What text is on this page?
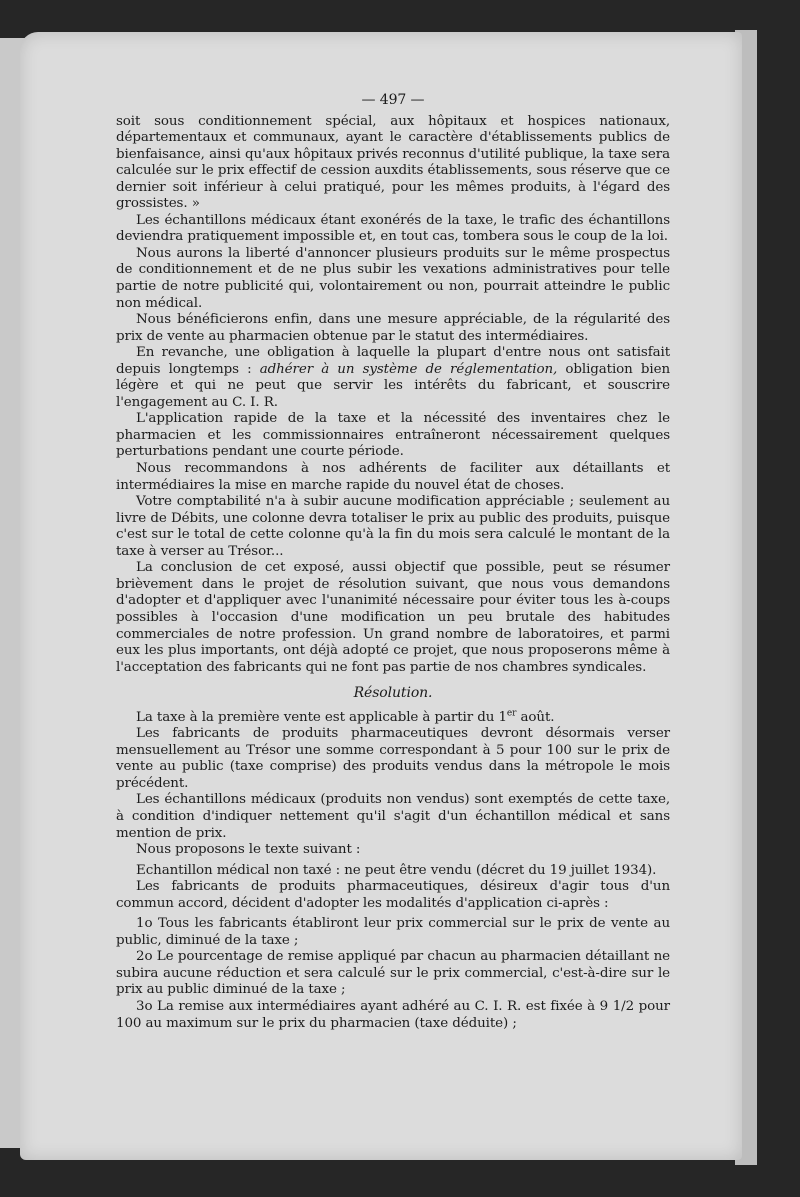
— 497 —

soit sous conditionnement spécial, aux hôpitaux et hospices nationaux, départementaux et communaux, ayant le caractère d'établissements publics de bienfaisance, ainsi qu'aux hôpitaux privés reconnus d'utilité publique, la taxe sera calculée sur le prix effectif de cession auxdits établissements, sous réserve que ce dernier soit inférieur à celui pratiqué, pour les mêmes produits, à l'égard des grossistes. »

Les échantillons médicaux étant exonérés de la taxe, le trafic des échantillons deviendra pratiquement impossible et, en tout cas, tombera sous le coup de la loi.

Nous aurons la liberté d'annoncer plusieurs produits sur le même prospectus de conditionnement et de ne plus subir les vexations administratives pour telle partie de notre publicité qui, volontairement ou non, pourrait atteindre le public non médical.

Nous bénéficierons enfin, dans une mesure appréciable, de la régularité des prix de vente au pharmacien obtenue par le statut des intermédiaires.

En revanche, une obligation à laquelle la plupart d'entre nous ont satisfait depuis longtemps : adhérer à un système de réglementation, obligation bien légère et qui ne peut que servir les intérêts du fabricant, et souscrire l'engagement au C. I. R.

L'application rapide de la taxe et la nécessité des inventaires chez le pharmacien et les commissionnaires entraîneront nécessairement quelques perturbations pendant une courte période.

Nous recommandons à nos adhérents de faciliter aux détaillants et intermédiaires la mise en marche rapide du nouvel état de choses.

Votre comptabilité n'a à subir aucune modification appréciable ; seulement au livre de Débits, une colonne devra totaliser le prix au public des produits, puisque c'est sur le total de cette colonne qu'à la fin du mois sera calculé le montant de la taxe à verser au Trésor...

La conclusion de cet exposé, aussi objectif que possible, peut se résumer brièvement dans le projet de résolution suivant, que nous vous demandons d'adopter et d'appliquer avec l'unanimité nécessaire pour éviter tous les à-coups possibles à l'occasion d'une modification un peu brutale des habitudes commerciales de notre profession. Un grand nombre de laboratoires, et parmi eux les plus importants, ont déjà adopté ce projet, que nous proposerons même à l'acceptation des fabricants qui ne font pas partie de nos chambres syndicales.

Résolution.

La taxe à la première vente est applicable à partir du 1er août.

Les fabricants de produits pharmaceutiques devront désormais verser mensuellement au Trésor une somme correspondant à 5 pour 100 sur le prix de vente au public (taxe comprise) des produits vendus dans la métropole le mois précédent.

Les échantillons médicaux (produits non vendus) sont exemptés de cette taxe, à condition d'indiquer nettement qu'il s'agit d'un échantillon médical et sans mention de prix.

Nous proposons le texte suivant :

Echantillon médical non taxé : ne peut être vendu (décret du 19 juillet 1934).

Les fabricants de produits pharmaceutiques, désireux d'agir tous d'un commun accord, décident d'adopter les modalités d'application ci-après :

1o Tous les fabricants établiront leur prix commercial sur le prix de vente au public, diminué de la taxe ;

2o Le pourcentage de remise appliqué par chacun au pharmacien détaillant ne subira aucune réduction et sera calculé sur le prix commercial, c'est-à-dire sur le prix au public diminué de la taxe ;

3o La remise aux intermédiaires ayant adhéré au C. I. R. est fixée à 9 1/2 pour 100 au maximum sur le prix du pharmacien (taxe déduite) ;
